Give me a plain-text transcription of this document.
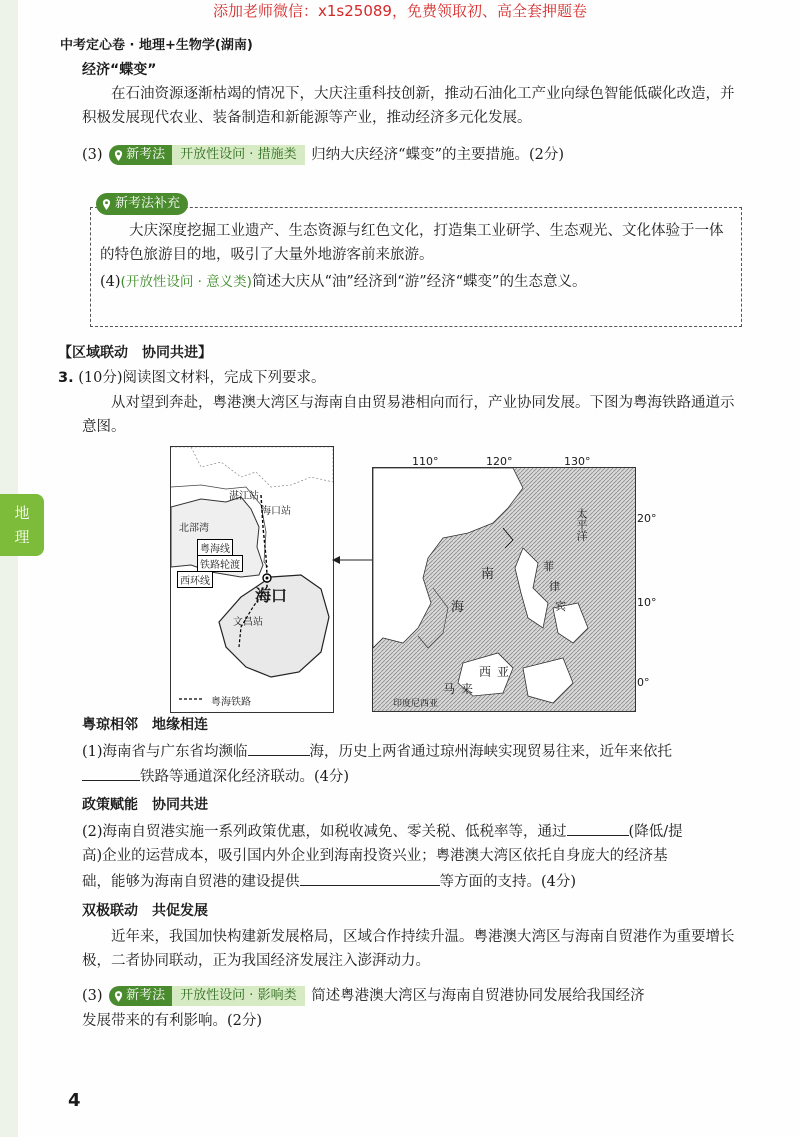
添加老师微信：x1s25089，免费领取初、高全套押题卷
中考定心卷 · 地理+生物学(湖南)
地
理
经济“蝶变”
在石油资源逐渐枯竭的情况下，大庆注重科技创新，推动石油化工产业向绿色智能低碳化改造，并积极发展现代农业、装备制造和新能源等产业，推动经济多元化发展。
(3) 新考法	开放性设问 · 措施类	归纳大庆经济“蝶变”的主要措施。(2分)
新考法补充
大庆深度挖掘工业遗产、生态资源与红色文化，打造集工业研学、生态观光、文化体验于一体的特色旅游目的地，吸引了大量外地游客前来旅游。
(4)(开放性设问 · 意义类)简述大庆从“油”经济到“游”经济“蝶变”的生态意义。
【区域联动　协同共进】
3. (10分)阅读图文材料，完成下列要求。
从对望到奔赴，粤港澳大湾区与海南自由贸易港相向而行，产业协同发展。下图为粤海铁路通道示意图。
北部湾
湛江站
海口站
海口
文昌站
粤海铁路
粤海线
铁路轮渡
西环线	南
海
菲
律
宾
马 来
西 亚
印度尼西亚
太平洋
110°	120°	130°
20°
10°
0°
粤琼相邻　地缘相连
(1)海南省与广东省均濒临	海，历史上两省通过琼州海峡实现贸易往来，近年来依托
铁路等通道深化经济联动。(4分)
政策赋能　协同共进
(2)海南自贸港实施一系列政策优惠，如税收减免、零关税、低税率等，通过	(降低/提
高)企业的运营成本，吸引国内外企业到海南投资兴业；粤港澳大湾区依托自身庞大的经济基
础，能够为海南自贸港的建设提供	等方面的支持。(4分)
双极联动　共促发展
近年来，我国加快构建新发展格局，区域合作持续升温。粤港澳大湾区与海南自贸港作为重要增长极，二者协同联动，正为我国经济发展注入澎湃动力。
(3) 新考法	开放性设问 · 影响类	简述粤港澳大湾区与海南自贸港协同发展给我国经济
发展带来的有利影响。(2分)
4
